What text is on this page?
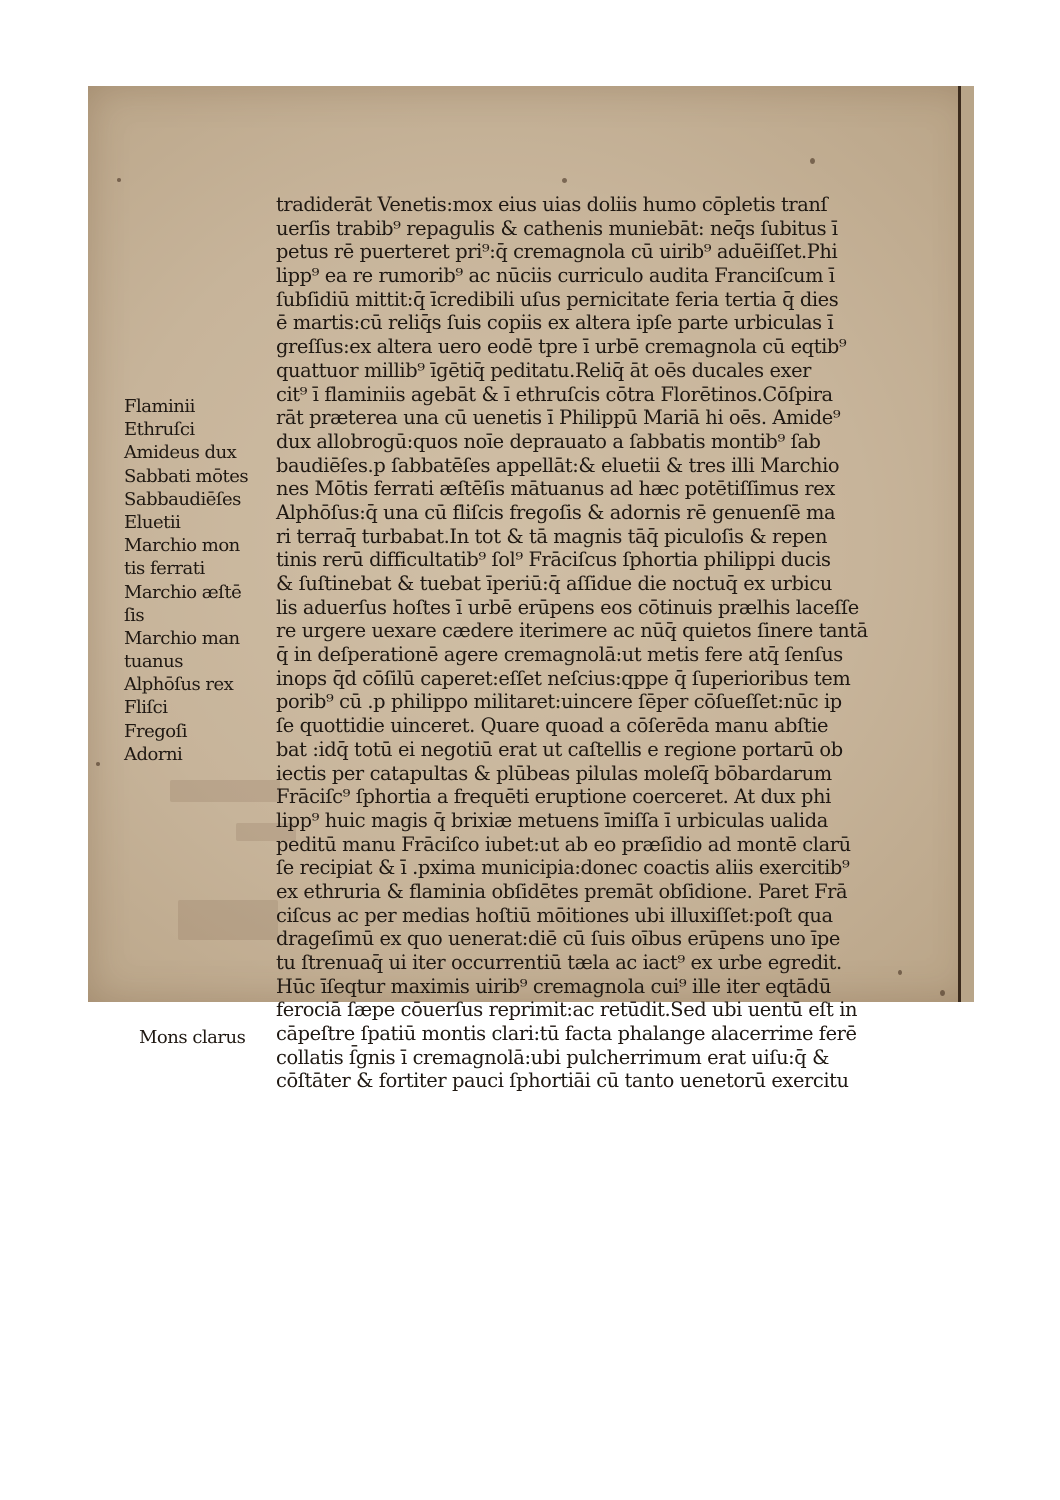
tradiderāt Venetis:mox eius uias doliis humo cōpletis tranſ
uerſis trabib⁹ repagulis & cathenis muniebāt: neq̄s ſubitus ī
petus rē puerteret pri⁹:q̄ cremagnola cū uirib⁹ aduēiſſet.Phi
lipp⁹ ea re rumorib⁹ ac nūciis curriculo audita Franciſcum ī
ſubſidiū mittit:q̄ īcredibili uſus pernicitate feria tertia q̄ dies
ē martis:cū reliq̄s ſuis copiis ex altera ipſe parte urbiculas ī
greſſus:ex altera uero eodē tpre ī urbē cremagnola cū eqtib⁹
quattuor millib⁹ īgētiq̄ peditatu.Reliq̄ āt oēs ducales exer
cit⁹ ī flaminiis agebāt & ī ethruſcis cōtra Florētinos.Cōſpira
rāt prætereа una cū uenetis ī Philippū Mariā hi oēs. Amide⁹
dux allobrogū:quos noīe deprauato a ſabbatis montib⁹ ſab
baudiēſes.p ſabbatēſes appellāt:& eluetii & tres illi Marchio
nes Mōtis ferrati æſtēſis mātuanus ad hæc potētiſſimus rex
Alphōſus:q̄ una cū fliſcis fregoſis & adornis rē genuenſē ma
ri terraq̄ turbabat.In tot & tā magnis tāq̄ piculoſis & repen
tinis rerū difficultatib⁹ ſol⁹ Frāciſcus ſphortia philippi ducis
& ſuſtinebat & tuebat īperiū:q̄ aſſidue die noctuq̄ ex urbicu
lis aduerſus hoſtes ī urbē erūpens eos cōtinuis prælhis laceſſe
re urgere uexare cædere iterimere ac nūq̄ quietos ſinere tantā
q̄ in deſperationē agere cremagnolā:ut metis fere atq̄ ſenſus
inops q̄d cōſilū caperet:eſſet neſcius:qppe q̄ ſuperioribus tem
porib⁹ cū .p philippo militaret:uincere ſēper cōſueſſet:nūc ip
ſe quottidie uinceret. Quare quoad a cōſerēda manu abſtie
bat :idq̄ totū ei negotiū erat ut caſtellis e regione portarū ob
iectis per catapultas & plūbeas pilulas moleſq̄ bōbardarum
Frāciſc⁹ ſphortia a frequēti eruptione coerceret. At dux phi
lipp⁹ huic magis q̄ brixiæ metuens īmiſſa ī urbiculas ualida
peditū manu Frāciſco iubet:ut ab eo præſidio ad montē clarū
ſe recipiat & ī .pxima municipia:donec coactis aliis exercitib⁹
ex ethruria & flaminia obſidētes premāt obſidione. Paret Frā
ciſcus ac per medias hoſtiū mōitiones ubi illuxiſſet:poſt qua
drageſimū ex quo uenerat:diē cū ſuis oībus erūpens uno īpe
tu ſtrenuaq̄ ui iter occurrentiū tæla ac iact⁹ ex urbe egredit.
Hūc īſeqtur maximis uirib⁹ cremagnola cui⁹ ille iter eqtādū
ferociā ſæpe cōuerſus reprimit:ac retūdit.Sed ubi uentū eſt in
cāpeſtre ſpatiū montis clari:tū facta phalange alacerrime ferē
collatis ſ̄gnis ī cremagnolā:ubi pulcherrimum erat uiſu:q̄ &
cōſtāter & fortiter pauci ſphortiāi cū tanto uenetorū exercitu
Flaminii
Ethruſci
Amideus dux
Sabbati mōtes
Sabbaudiēſes
Eluetii
Marchio mon
tis ferrati
Marchio æſtē
ſis
Marchio man
tuanus
Alphōſus rex
Fliſci
Fregoſi
Adorni
Mons clarus
